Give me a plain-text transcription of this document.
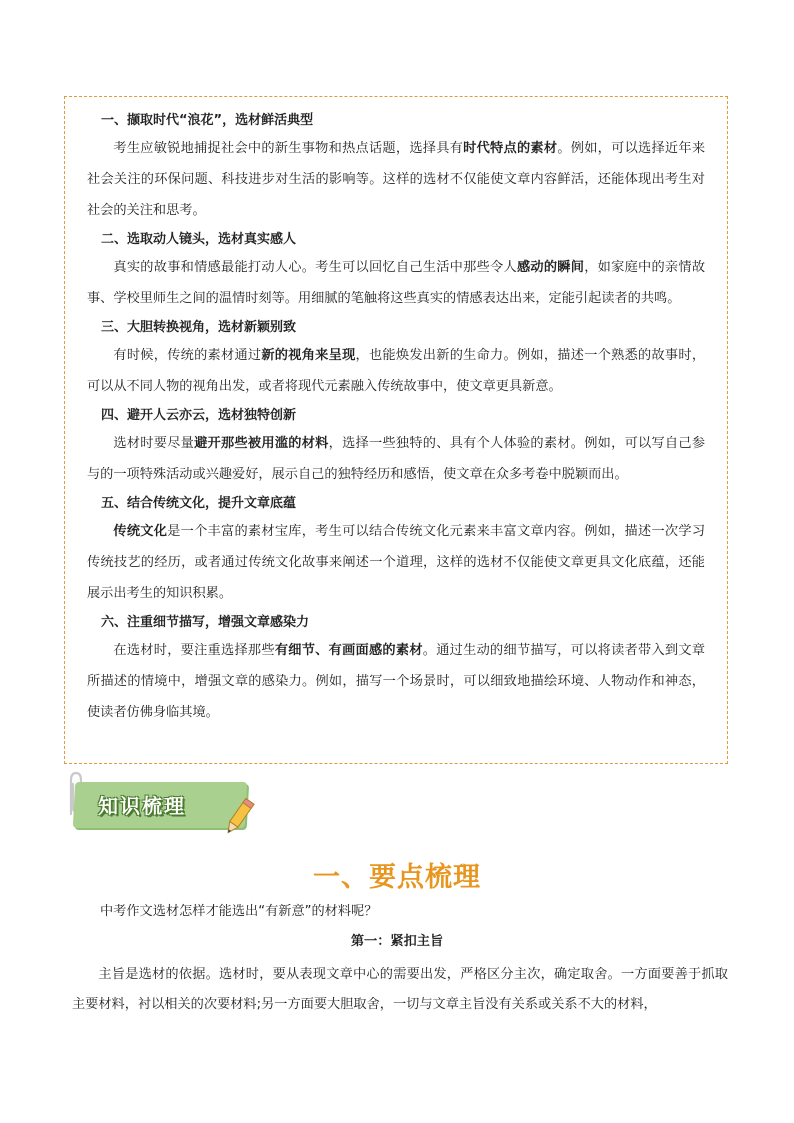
一、撷取时代“浪花”，选材鲜活典型
考生应敏锐地捕捉社会中的新生事物和热点话题，选择具有时代特点的素材。例如，可以选择近年来社会关注的环保问题、科技进步对生活的影响等。这样的选材不仅能使文章内容鲜活，还能体现出考生对社会的关注和思考。
二、选取动人镜头，选材真实感人
真实的故事和情感最能打动人心。考生可以回忆自己生活中那些令人感动的瞬间，如家庭中的亲情故事、学校里师生之间的温情时刻等。用细腻的笔触将这些真实的情感表达出来，定能引起读者的共鸣。
三、大胆转换视角，选材新颖别致
有时候，传统的素材通过新的视角来呈现，也能焕发出新的生命力。例如，描述一个熟悉的故事时，可以从不同人物的视角出发，或者将现代元素融入传统故事中，使文章更具新意。
四、避开人云亦云，选材独特创新
选材时要尽量避开那些被用滥的材料，选择一些独特的、具有个人体验的素材。例如，可以写自己参与的一项特殊活动或兴趣爱好，展示自己的独特经历和感悟，使文章在众多考卷中脱颖而出。
五、结合传统文化，提升文章底蕴
传统文化是一个丰富的素材宝库，考生可以结合传统文化元素来丰富文章内容。例如，描述一次学习传统技艺的经历，或者通过传统文化故事来阐述一个道理，这样的选材不仅能使文章更具文化底蕴，还能展示出考生的知识积累。
六、注重细节描写，增强文章感染力
在选材时，要注重选择那些有细节、有画面感的素材。通过生动的细节描写，可以将读者带入到文章所描述的情境中，增强文章的感染力。例如，描写一个场景时，可以细致地描绘环境、人物动作和神态，使读者仿佛身临其境。
知识梳理
一、要点梳理
中考作文选材怎样才能选出“有新意”的材料呢？
第一：紧扣主旨
主旨是选材的依据。选材时，要从表现文章中心的需要出发，严格区分主次，确定取舍。一方面要善于抓取主要材料，衬以相关的次要材料;另一方面要大胆取舍，一切与文章主旨没有关系或关系不大的材料，
